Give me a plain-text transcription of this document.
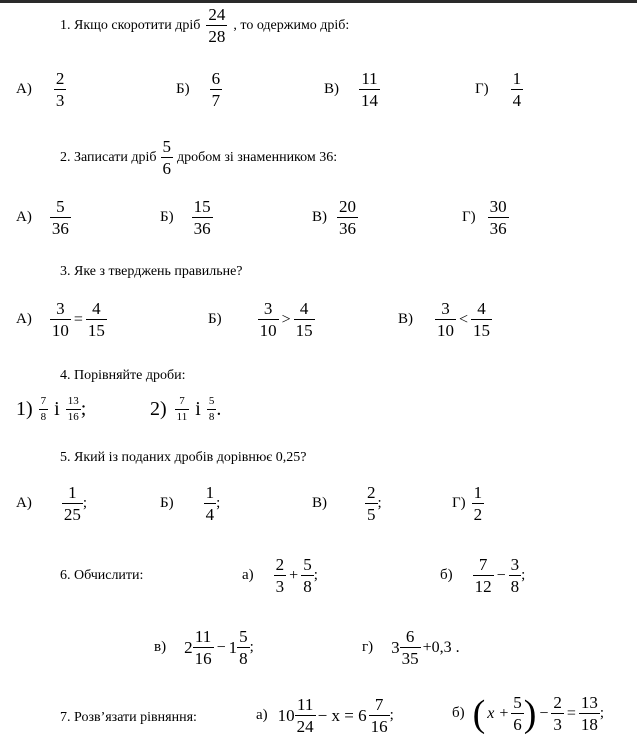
1. Якщо скоротити дріб $\frac{24}{28}$ , то одержимо дріб:
$А) \frac{2}{3}$	$Б) \frac{6}{7}$	$В) \frac{11}{14}$	$Г) \frac{1}{4}$
2. Записати дріб $\frac{5}{6}$ дробом зі знаменником 36:
$А) \frac{5}{36}$	$Б) \frac{15}{36}$	$В) \frac{20}{36}$	$Г) \frac{30}{36}$
3. Яке з тверджень правильне?
$А) \frac{3}{10} = \frac{4}{15}$	$Б) \frac{3}{10} > \frac{4}{15}$	$В) \frac{3}{10} < \frac{4}{15}$
4. Порівняйте дроби:
$1) \frac{7}{8}$ і $\frac{13}{16}$ ;	$2) \frac{7}{11}$ і $\frac{5}{8}$ .
5. Який із поданих дробів дорівнює 0,25?
$А) \frac{1}{25}$ ;	$Б) \frac{1}{4}$ ;	$В) \frac{2}{5}$ ;	$Г) \frac{1}{2}$
6. Обчислити:	$а) \frac{2}{3} + \frac{5}{8}$ ;	$б) \frac{7}{12} - \frac{3}{8}$ ;
в) $2 \frac{11}{16} - 1 \frac{5}{8}$ ;	г) $3 \frac{6}{35} +0,3$ .
7. Розв’язати рівняння:	а) $10 \frac{11}{24} - x = 6 \frac{7}{16}$ ;	б) ( $x + \frac{5}{6}$ ) − $\frac{2}{3} = \frac{13}{18}$ ;
